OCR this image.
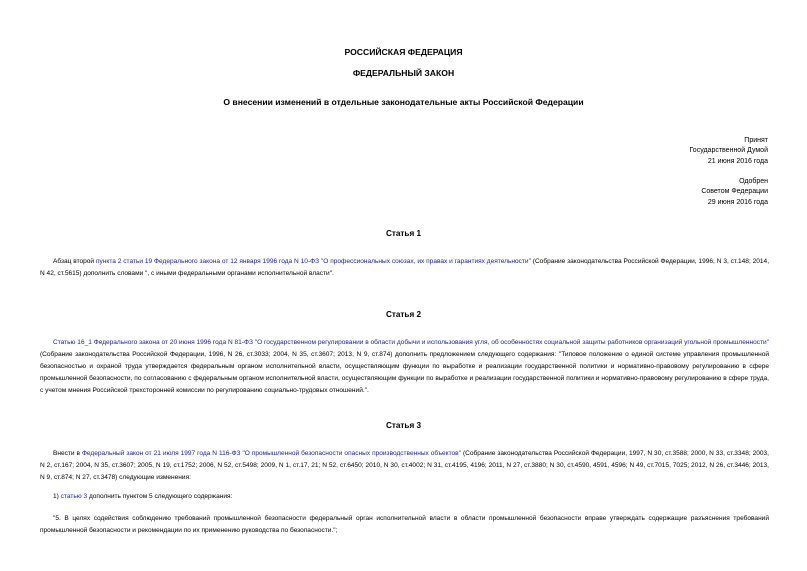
РОССИЙСКАЯ ФЕДЕРАЦИЯ
ФЕДЕРАЛЬНЫЙ ЗАКОН
О внесении изменений в отдельные законодательные акты Российской Федерации
Принят
Государственной Думой
21 июня 2016 года
Одобрен
Советом Федерации
29 июня 2016 года
Статья 1
Абзац второй пункта 2 статьи 19 Федерального закона от 12 января 1996 года N 10-ФЗ "О профессиональных союзах, их правах и гарантиях деятельности" (Собрание законодательства Российской Федерации, 1996, N 3, ст.148; 2014, N 42, ст.5615) дополнить словами ", с иными федеральными органами исполнительной власти".
Статья 2
Статью 16_1 Федерального закона от 20 июня 1996 года N 81-ФЗ "О государственном регулировании в области добычи и использования угля, об особенностях социальной защиты работников организаций угольной промышленности" (Собрание законодательства Российской Федерации, 1996, N 26, ст.3033; 2004, N 35, ст.3607; 2013, N 9, ст.874) дополнить предложением следующего содержания: "Типовое положение о единой системе управления промышленной безопасностью и охраной труда утверждается федеральным органом исполнительной власти, осуществляющим функции по выработке и реализации государственной политики и нормативно-правовому регулированию в сфере промышленной безопасности, по согласованию с федеральным органом исполнительной власти, осуществляющим функции по выработке и реализации государственной политики и нормативно-правовому регулированию в сфере труда, с учетом мнения Российской трехсторонней комиссии по регулированию социально-трудовых отношений.".
Статья 3
Внести в Федеральный закон от 21 июля 1997 года N 116-ФЗ "О промышленной безопасности опасных производственных объектов" (Собрание законодательства Российской Федерации, 1997, N 30, ст.3588; 2000, N 33, ст.3348; 2003, N 2, ст.167; 2004, N 35, ст.3607; 2005, N 19, ст.1752; 2006, N 52, ст.5498; 2009, N 1, ст.17, 21; N 52, ст.6450; 2010, N 30, ст.4002; N 31, ст.4195, 4196; 2011, N 27, ст.3880; N 30, ст.4590, 4591, 4596; N 49, ст.7015, 7025; 2012, N 26, ст.3446; 2013, N 9, ст.874; N 27, ст.3478) следующие изменения:
1) статью 3 дополнить пунктом 5 следующего содержания:
"5. В целях содействия соблюдению требований промышленной безопасности федеральный орган исполнительной власти в области промышленной безопасности вправе утверждать содержащие разъяснения требований промышленной безопасности и рекомендации по их применению руководства по безопасности.";
